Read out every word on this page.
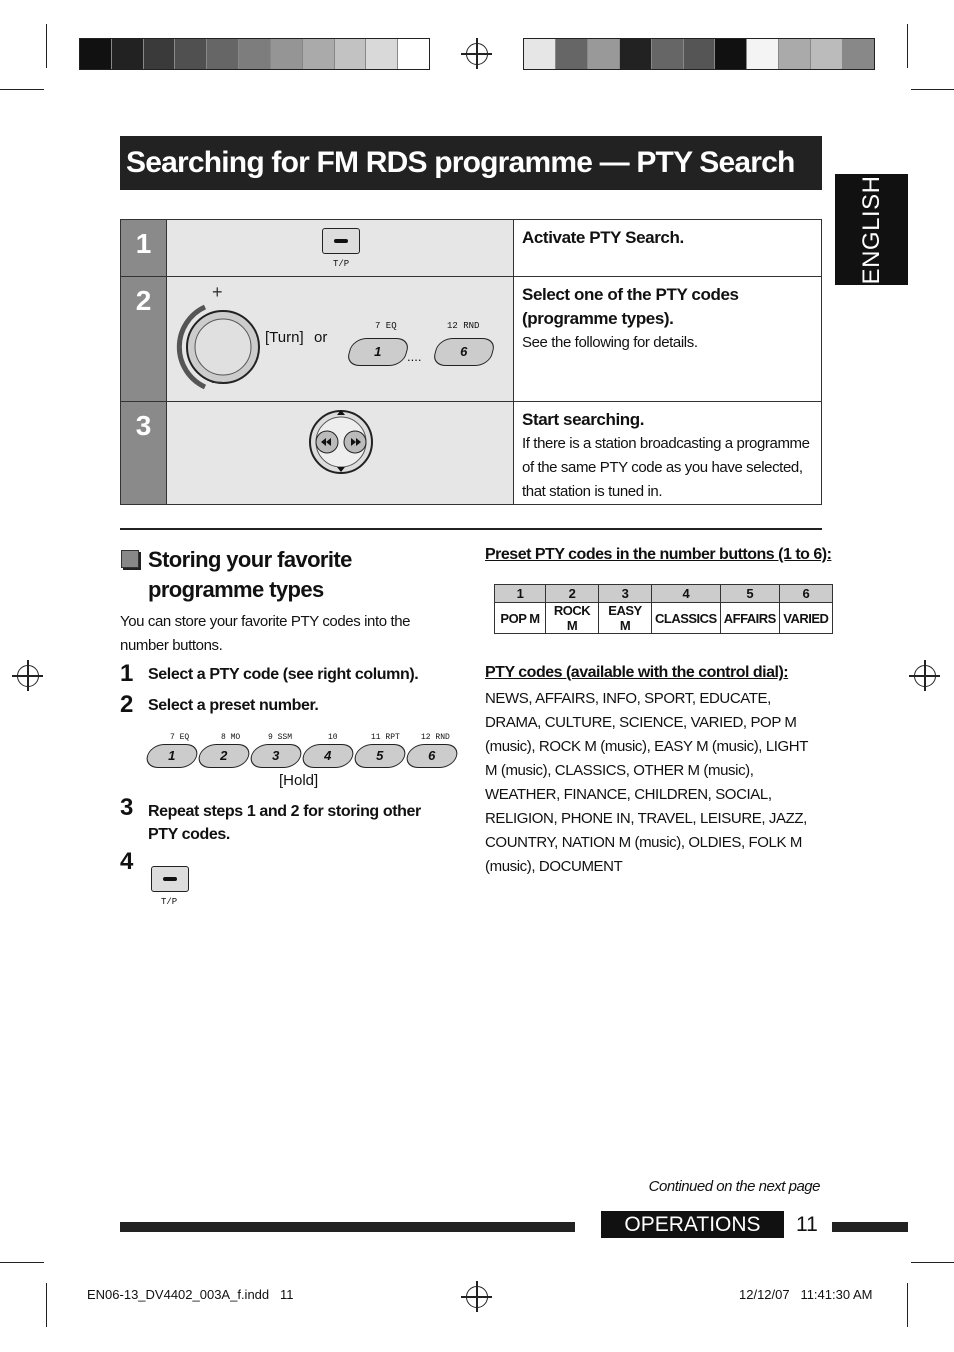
Searching for FM RDS programme — PTY Search
ENGLISH
1
T/P
Activate PTY Search.
2	+
–
[Turn] or
7 EQ
1	....
12 RND
6
Select one of the PTY codes (programme types).
See the following for details.
3	Start searching.
If there is a station broadcasting a programme of the same PTY code as you have selected, that station is tuned in.
Storing your favorite programme types
You can store your favorite PTY codes into the number buttons.
1 Select a PTY code (see right column).
2 Select a preset number.
7 EQ
1
8 MO
2
9 SSM
3
10
4
11 RPT
5
12 RND
6
[Hold]
3 Repeat steps 1 and 2 for storing other PTY codes.
4
T/P
Preset PTY codes in the number buttons (1 to 6):
1	2	3	4	5	6
POP M	ROCK M	EASY M	CLASSICS	AFFAIRS	VARIED
PTY codes (available with the control dial):
NEWS, AFFAIRS, INFO, SPORT, EDUCATE, DRAMA, CULTURE, SCIENCE, VARIED, POP M (music), ROCK M (music), EASY M (music), LIGHT M (music), CLASSICS, OTHER M (music), WEATHER, FINANCE, CHILDREN, SOCIAL, RELIGION, PHONE IN, TRAVEL, LEISURE, JAZZ, COUNTRY, NATION M (music), OLDIES, FOLK M (music), DOCUMENT
Continued on the next page
OPERATIONS	11
EN06-13_DV4402_003A_f.indd   11	12/12/07   11:41:30 AM
